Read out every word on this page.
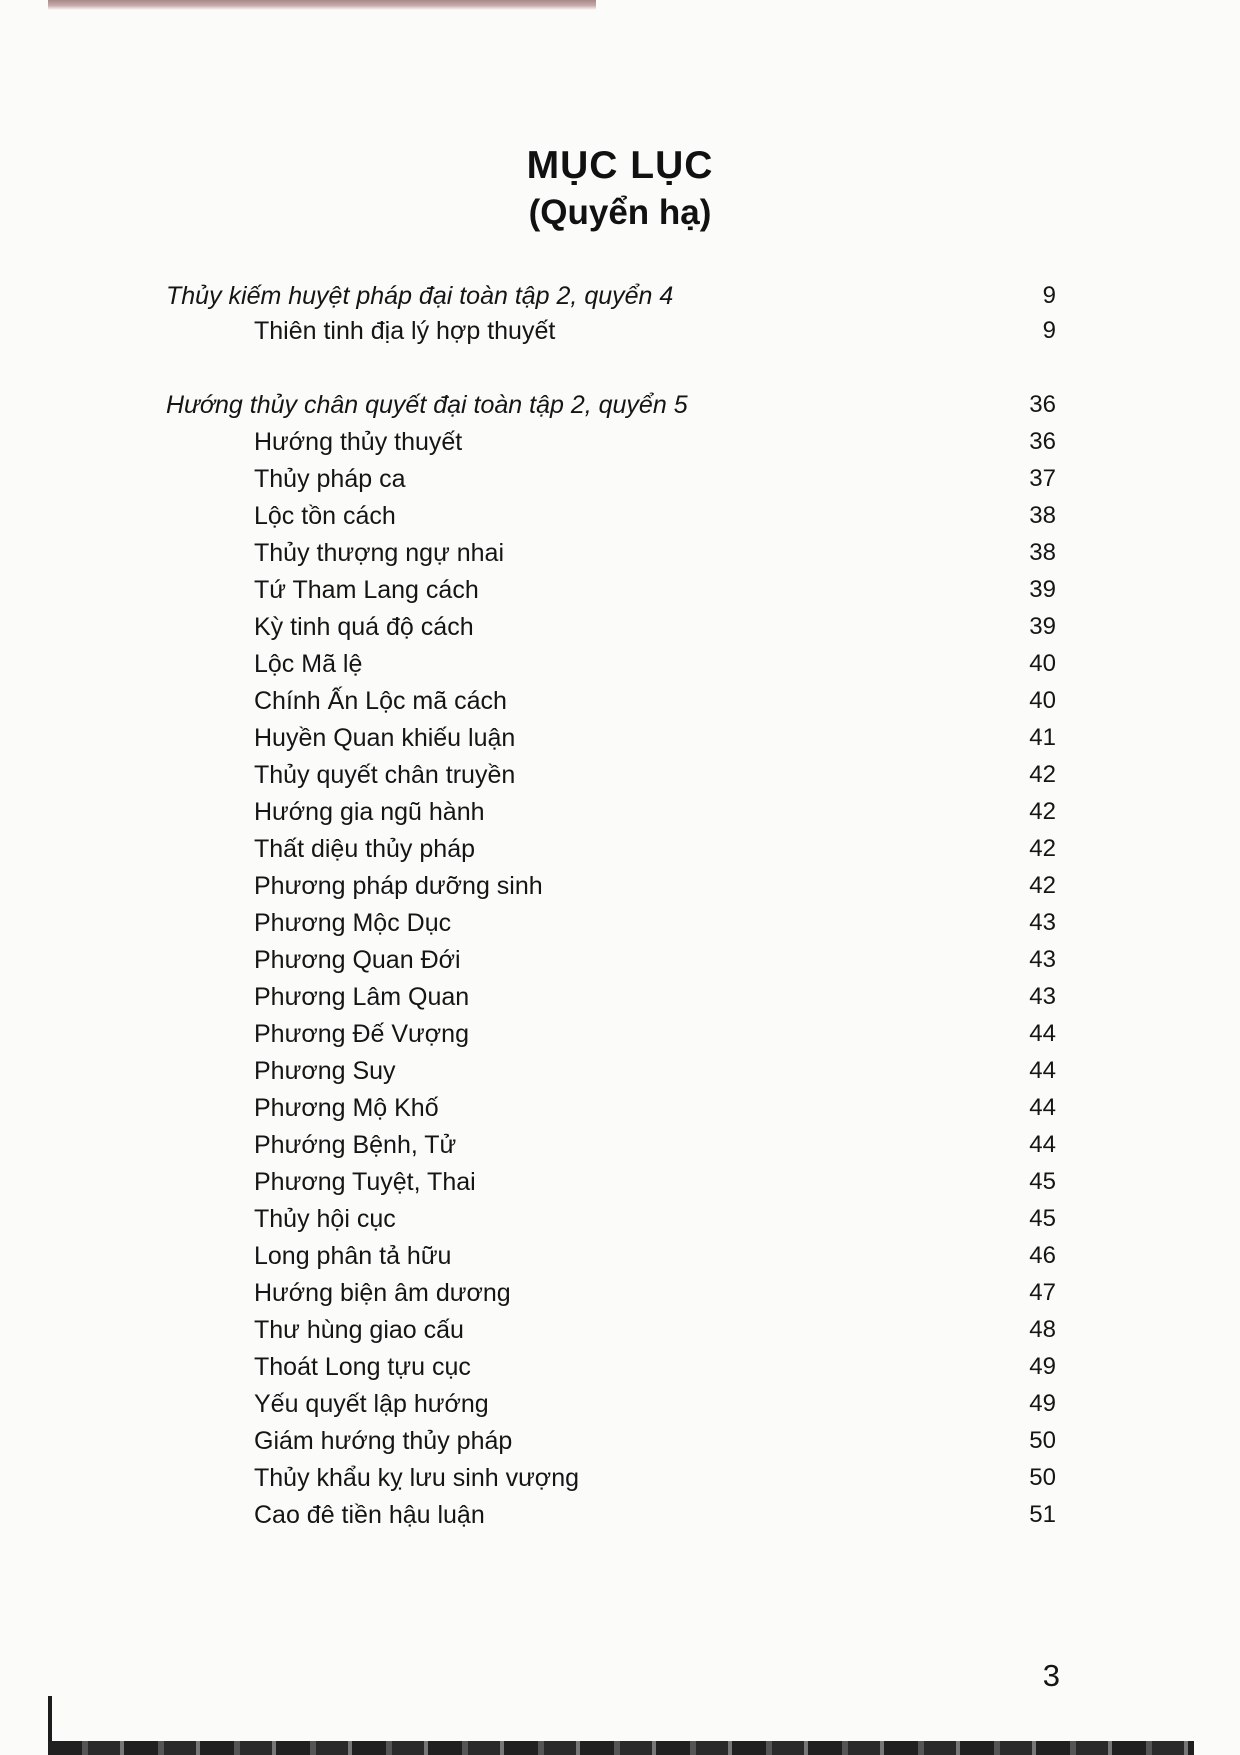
MỤC LỤC
(Quyển hạ)
Thủy kiếm huyệt pháp đại toàn tập 2, quyển 4	9
Thiên tinh địa lý hợp thuyết	9
Hướng thủy chân quyết đại toàn tập 2, quyển 5	36
Hướng thủy thuyết	36
Thủy pháp ca	37
Lộc tồn cách	38
Thủy thượng ngự nhai	38
Tứ Tham Lang cách	39
Kỳ tinh quá độ cách	39
Lộc Mã lệ	40
Chính Ấn Lộc mã cách	40
Huyền Quan khiếu luận	41
Thủy quyết chân truyền	42
Hướng gia ngũ hành	42
Thất diệu thủy pháp	42
Phương pháp dưỡng sinh	42
Phương Mộc Dục	43
Phương Quan Đới	43
Phương Lâm Quan	43
Phương Đế Vượng	44
Phương Suy	44
Phương Mộ Khố	44
Phướng Bệnh, Tử	44
Phương Tuyệt, Thai	45
Thủy hội cục	45
Long phân tả hữu	46
Hướng biện âm dương	47
Thư hùng giao cấu	48
Thoát Long tựu cục	49
Yếu quyết lập hướng	49
Giám hướng thủy pháp	50
Thủy khẩu kỵ lưu sinh vượng	50
Cao đê tiền hậu luận	51
3
